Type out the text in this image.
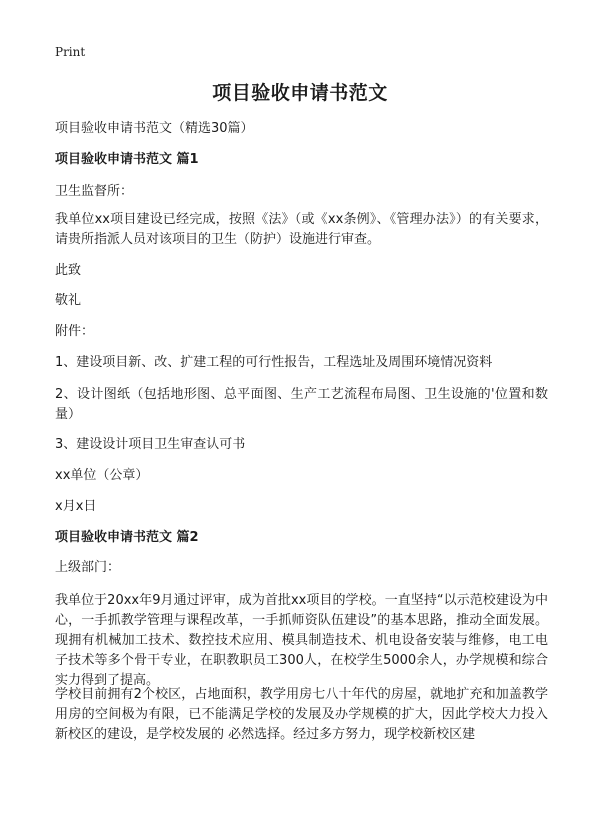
Print
项目验收申请书范文
项目验收申请书范文（精选30篇）
项目验收申请书范文 篇1
卫生监督所：
我单位xx项目建设已经完成，按照《法》（或《xx条例》、《管理办法》）的有关要求，请贵所指派人员对该项目的卫生（防护）设施进行审查。
此致
敬礼
附件：
1、建设项目新、改、扩建工程的可行性报告，工程选址及周围环境情况资料
2、设计图纸（包括地形图、总平面图、生产工艺流程布局图、卫生设施的'位置和数量）
3、建设设计项目卫生审查认可书
xx单位（公章）
x月x日
项目验收申请书范文 篇2
上级部门：
我单位于20xx年9月通过评审，成为首批xx项目的学校。一直坚持“以示范校建设为中心，一手抓教学管理与课程改革，一手抓师资队伍建设”的基本思路，推动全面发展。现拥有机械加工技术、数控技术应用、模具制造技术、机电设备安装与维修，电工电子技术等多个骨干专业，在职教职员工300人，在校学生5000余人，办学规模和综合实力得到了提高。
学校目前拥有2个校区，占地面积，教学用房七八十年代的房屋，就地扩充和加盖教学用房的空间极为有限，已不能满足学校的发展及办学规模的扩大，因此学校大力投入新校区的建设，是学校发展的 必然选择。经过多方努力，现学校新校区建
